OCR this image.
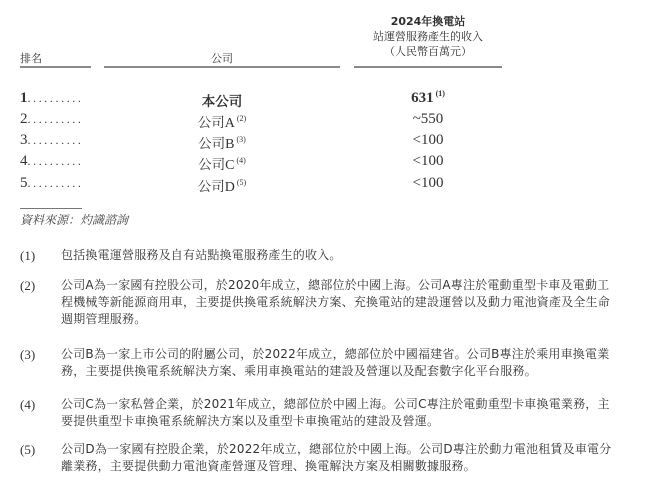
排名	公司
2024年換電站
站運營服務產生的收入
（人民幣百萬元）
1..........	本公司	631 $^{(1)}$
2..........	公司A $^{(2)}$	~550
3..........	公司B $^{(3)}$	<100
4..........	公司C $^{(4)}$	<100
5..........	公司D $^{(5)}$	<100
資料來源：灼識諮詢
(1) 包括換電運營服務及自有站點換電服務產生的收入。
(2) 公司A為一家國有控股公司，於2020年成立，總部位於中國上海。公司A專注於電動重型卡車及電動工程機械等新能源商用車，主要提供換電系統解決方案、充換電站的建設運營以及動力電池資產及全生命週期管理服務。
(3) 公司B為一家上市公司的附屬公司，於2022年成立，總部位於中國福建省。公司B專注於乘用車換電業務，主要提供換電系統解決方案、乘用車換電站的建設及營運以及配套數字化平台服務。
(4) 公司C為一家私營企業，於2021年成立，總部位於中國上海。公司C專注於電動重型卡車換電業務，主要提供重型卡車換電系統解決方案以及重型卡車換電站的建設及營運。
(5) 公司D為一家國有控股企業，於2022年成立，總部位於中國上海。公司D專注於動力電池租賃及車電分離業務，主要提供動力電池資產營運及管理、換電解決方案及相關數據服務。
